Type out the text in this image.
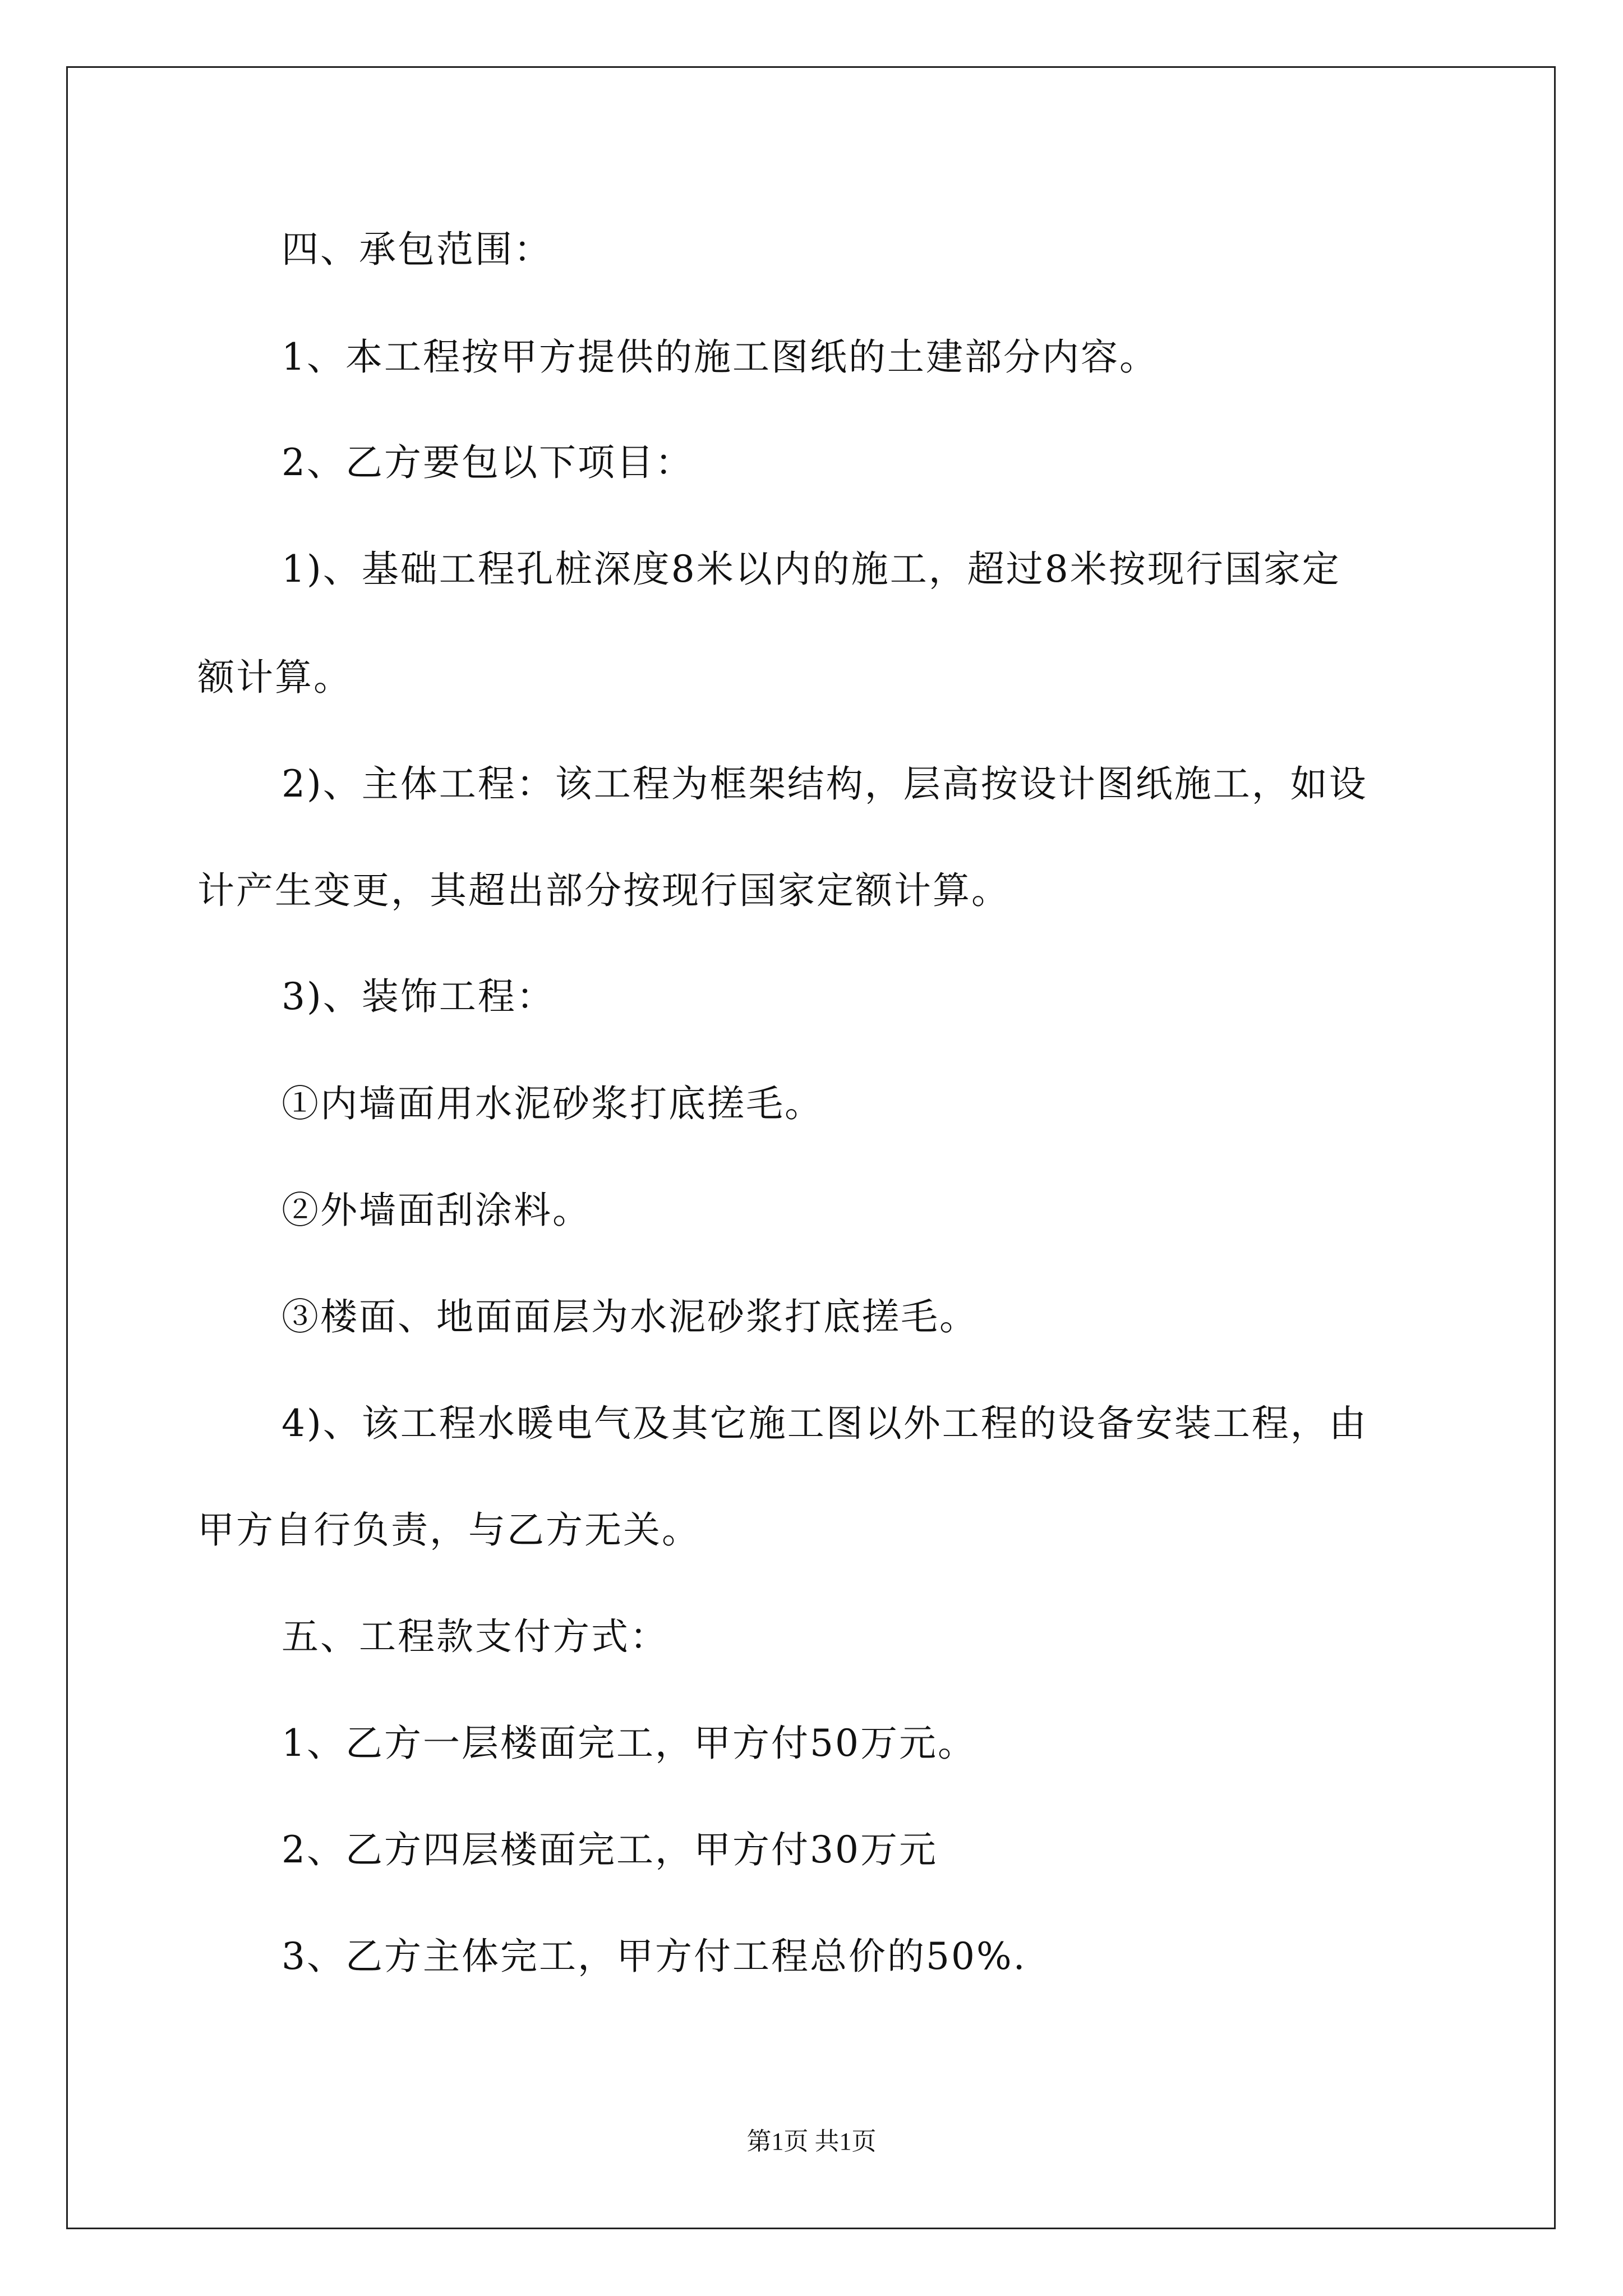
四、承包范围：
1、本工程按甲方提供的施工图纸的土建部分内容。
2、乙方要包以下项目：
1)、基础工程孔桩深度8米以内的施工，超过8米按现行国家定
额计算。
2)、主体工程：该工程为框架结构，层高按设计图纸施工，如设
计产生变更，其超出部分按现行国家定额计算。
3)、装饰工程：
①内墙面用水泥砂浆打底搓毛。
②外墙面刮涂料。
③楼面、地面面层为水泥砂浆打底搓毛。
4)、该工程水暖电气及其它施工图以外工程的设备安装工程，由
甲方自行负责，与乙方无关。
五、工程款支付方式：
1、乙方一层楼面完工，甲方付50万元。
2、乙方四层楼面完工，甲方付30万元
3、乙方主体完工，甲方付工程总价的50%.
第1页 共1页
